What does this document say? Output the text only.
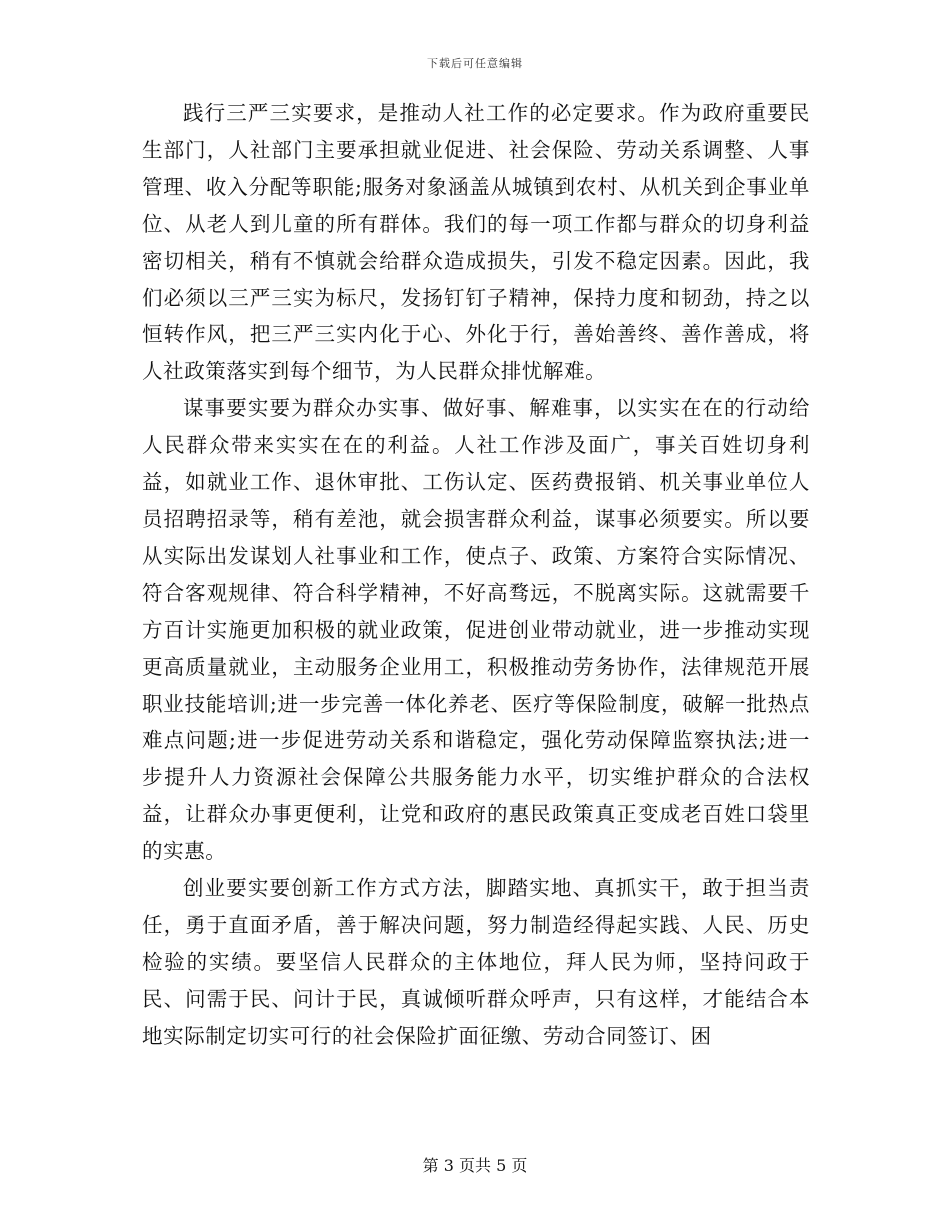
下载后可任意编辑

践行三严三实要求，是推动人社工作的必定要求。作为政府重要民生部门，人社部门主要承担就业促进、社会保险、劳动关系调整、人事管理、收入分配等职能;服务对象涵盖从城镇到农村、从机关到企事业单位、从老人到儿童的所有群体。我们的每一项工作都与群众的切身利益密切相关，稍有不慎就会给群众造成损失，引发不稳定因素。因此，我们必须以三严三实为标尺，发扬钉钉子精神，保持力度和韧劲，持之以恒转作风，把三严三实内化于心、外化于行，善始善终、善作善成，将人社政策落实到每个细节，为人民群众排忧解难。

谋事要实要为群众办实事、做好事、解难事，以实实在在的行动给人民群众带来实实在在的利益。人社工作涉及面广，事关百姓切身利益，如就业工作、退休审批、工伤认定、医药费报销、机关事业单位人员招聘招录等，稍有差池，就会损害群众利益，谋事必须要实。所以要从实际出发谋划人社事业和工作，使点子、政策、方案符合实际情况、符合客观规律、符合科学精神，不好高骛远，不脱离实际。这就需要千方百计实施更加积极的就业政策，促进创业带动就业，进一步推动实现更高质量就业，主动服务企业用工，积极推动劳务协作，法律规范开展职业技能培训;进一步完善一体化养老、医疗等保险制度，破解一批热点难点问题;进一步促进劳动关系和谐稳定，强化劳动保障监察执法;进一步提升人力资源社会保障公共服务能力水平，切实维护群众的合法权益，让群众办事更便利，让党和政府的惠民政策真正变成老百姓口袋里的实惠。

创业要实要创新工作方式方法，脚踏实地、真抓实干，敢于担当责任，勇于直面矛盾，善于解决问题，努力制造经得起实践、人民、历史检验的实绩。要坚信人民群众的主体地位，拜人民为师，坚持问政于民、问需于民、问计于民，真诚倾听群众呼声，只有这样，才能结合本地实际制定切实可行的社会保险扩面征缴、劳动合同签订、困

第 3 页共 5 页
